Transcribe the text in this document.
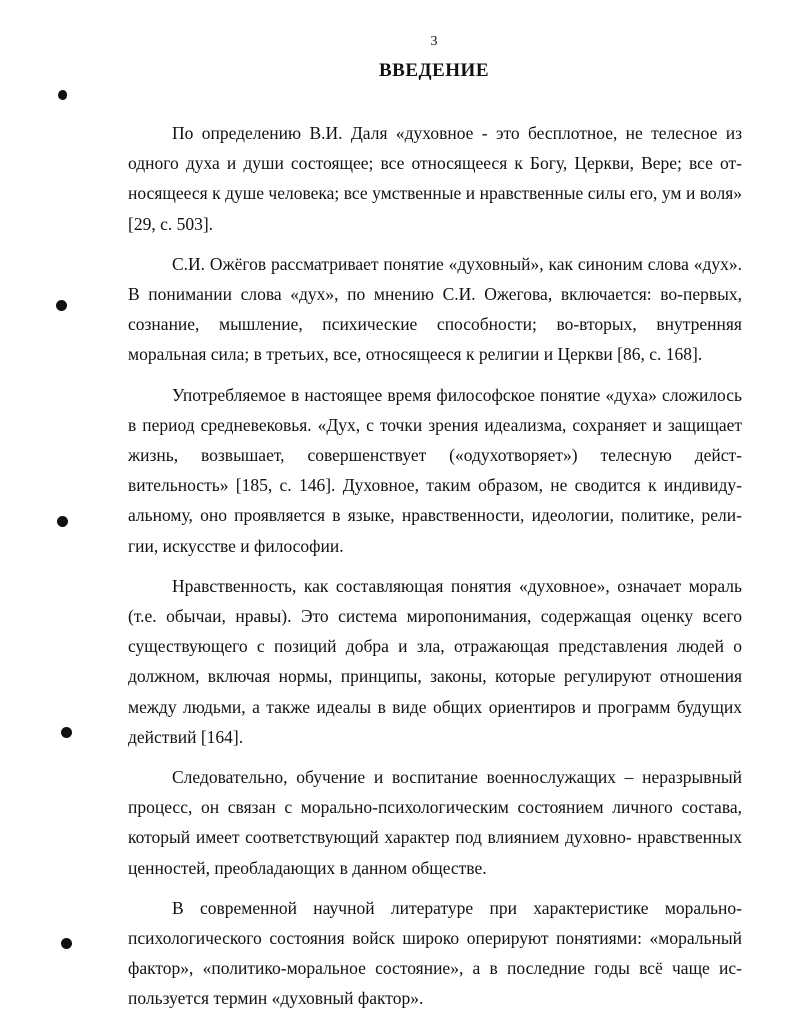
3
ВВЕДЕНИЕ

По определению В.И. Даля «духовное - это бесплотное, не телесное из одного духа и души состоящее; все относящееся к Богу, Церкви, Вере; все относящееся к душе человека; все умственные и нравственные силы его, ум и воля» [29, с. 503].

С.И. Ожёгов рассматривает понятие «духовный», как синоним слова «дух». В понимании слова «дух», по мнению С.И. Ожегова, включается: во-первых, сознание, мышление, психические способности; во-вторых, внутренняя моральная сила; в третьих, все, относящееся к религии и Церкви [86, с. 168].

Употребляемое в настоящее время философское понятие «духа» сложилось в период средневековья. «Дух, с точки зрения идеализма, сохраняет и защищает жизнь, возвышает, совершенствует («одухотворяет») телесную действительность» [185, с. 146]. Духовное, таким образом, не сводится к индивидуальному, оно проявляется в языке, нравственности, идеологии, политике, религии, искусстве и философии.

Нравственность, как составляющая понятия «духовное», означает мораль (т.е. обычаи, нравы). Это система миропонимания, содержащая оценку всего существующего с позиций добра и зла, отражающая представления людей о должном, включая нормы, принципы, законы, которые регулируют отношения между людьми, а также идеалы в виде общих ориентиров и программ будущих действий [164].

Следовательно, обучение и воспитание военнослужащих – неразрывный процесс, он связан с морально-психологическим состоянием личного состава, который имеет соответствующий характер под влиянием духовно- нравственных ценностей, преобладающих в данном обществе.

В современной научной литературе при характеристике морально-психологического состояния войск широко оперируют понятиями: «моральный фактор», «политико-моральное состояние», а в последние годы всё чаще используется термин «духовный фактор».
